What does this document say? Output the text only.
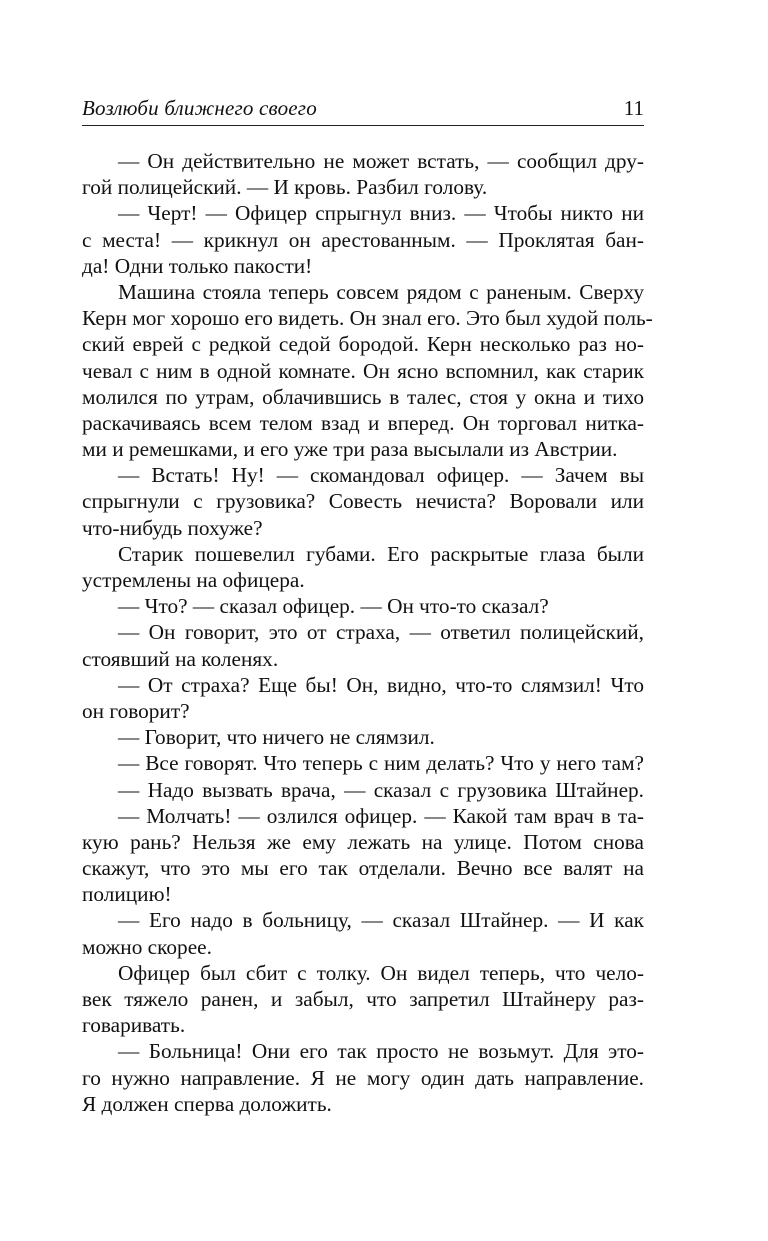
Возлюби ближнего своего	11
— Он действительно не может встать, — сообщил дру-
гой полицейский. — И кровь. Разбил голову.
— Черт! — Офицер спрыгнул вниз. — Чтобы никто ни
с места! — крикнул он арестованным. — Проклятая бан-
да! Одни только пакости!
Машина стояла теперь совсем рядом с раненым. Сверху
Керн мог хорошо его видеть. Он знал его. Это был худой поль-
ский еврей с редкой седой бородой. Керн несколько раз но-
чевал с ним в одной комнате. Он ясно вспомнил, как старик
молился по утрам, облачившись в талес, стоя у окна и тихо
раскачиваясь всем телом взад и вперед. Он торговал нитка-
ми и ремешками, и его уже три раза высылали из Австрии.
— Встать! Ну! — скомандовал офицер. — Зачем вы
спрыгнули с грузовика? Совесть нечиста? Воровали или
что-нибудь похуже?
Старик пошевелил губами. Его раскрытые глаза были
устремлены на офицера.
— Что? — сказал офицер. — Он что-то сказал?
— Он говорит, это от страха, — ответил полицейский,
стоявший на коленях.
— От страха? Еще бы! Он, видно, что-то слямзил! Что
он говорит?
— Говорит, что ничего не слямзил.
— Все говорят. Что теперь с ним делать? Что у него там?
— Надо вызвать врача, — сказал с грузовика Штайнер.
— Молчать! — озлился офицер. — Какой там врач в та-
кую рань? Нельзя же ему лежать на улице. Потом снова
скажут, что это мы его так отделали. Вечно все валят на
полицию!
— Его надо в больницу, — сказал Штайнер. — И как
можно скорее.
Офицер был сбит с толку. Он видел теперь, что чело-
век тяжело ранен, и забыл, что запретил Штайнеру раз-
говаривать.
— Больница! Они его так просто не возьмут. Для это-
го нужно направление. Я не могу один дать направление.
Я должен сперва доложить.
